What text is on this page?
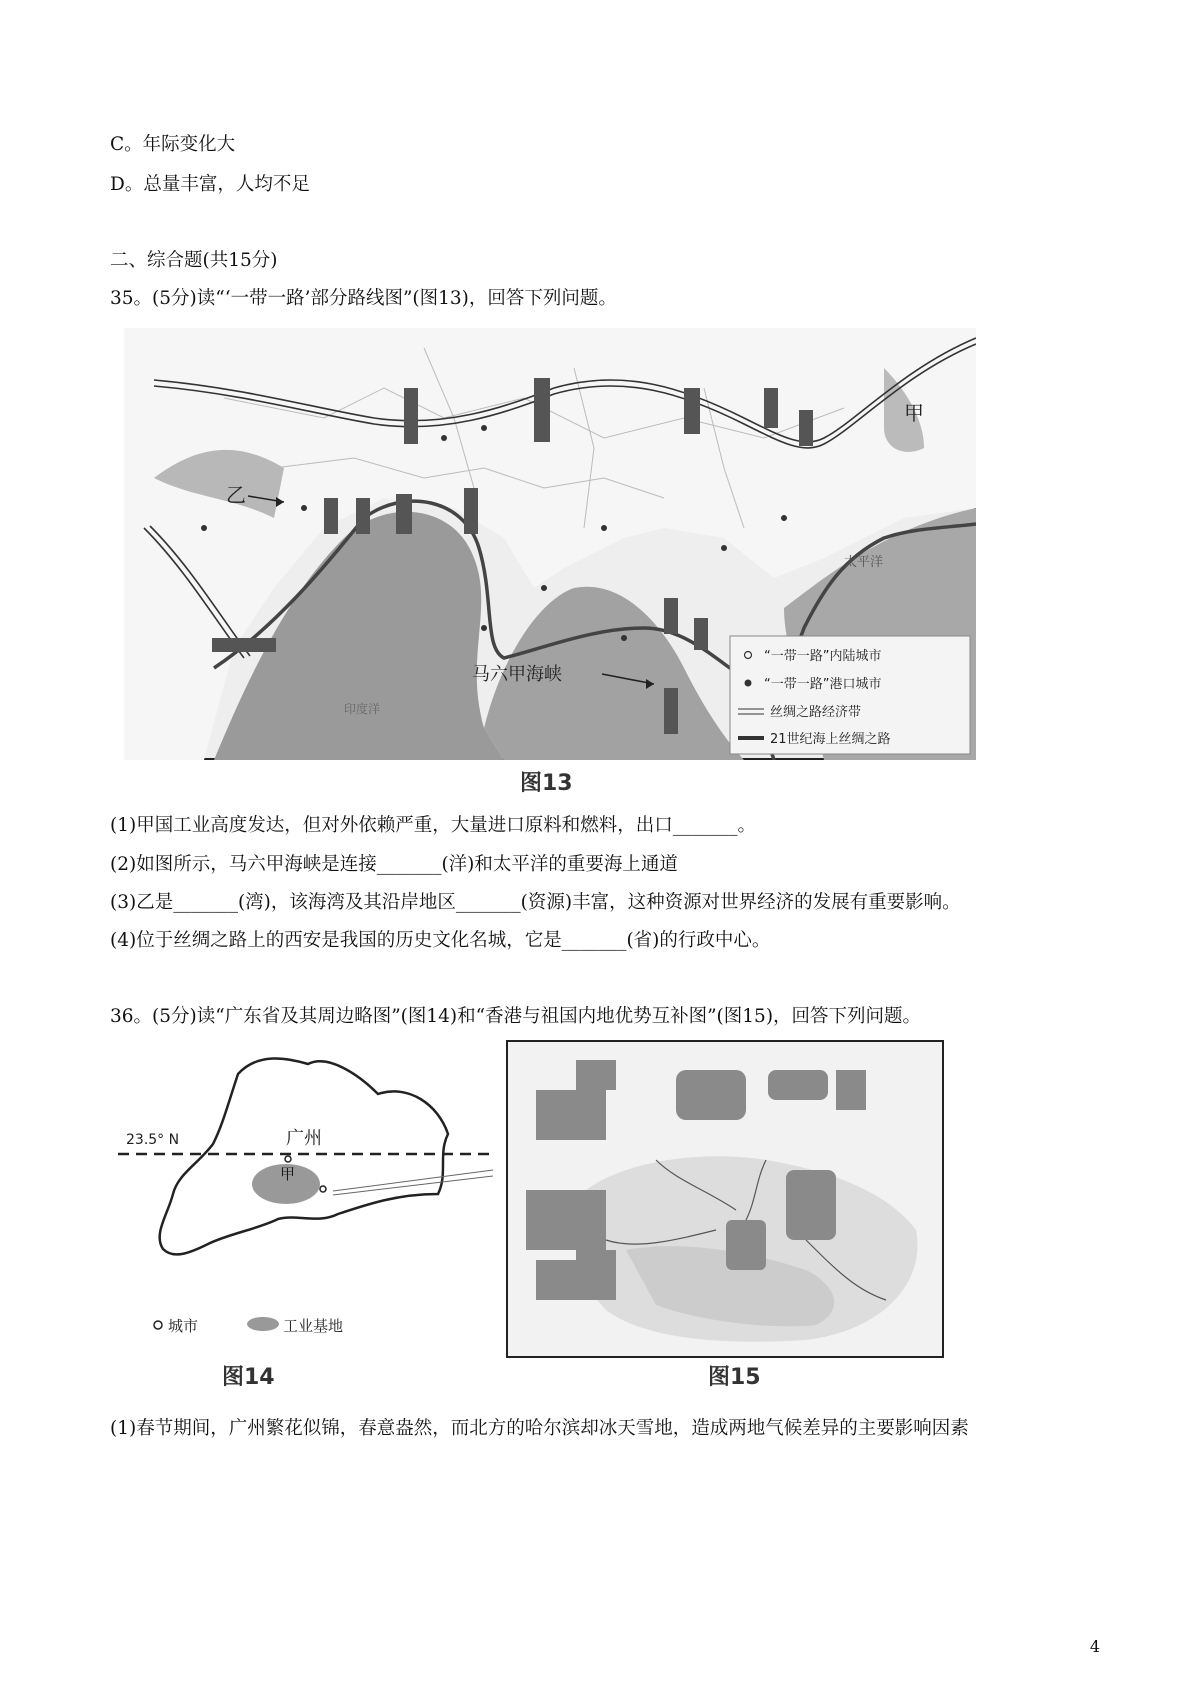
C。年际变化大
D。总量丰富，人均不足
二、综合题(共15分)
35。(5分)读“‘一带一路’部分路线图”(图13)，回答下列问题。
乙
甲
太平洋
印度洋
马六甲海峡
“一带一路”内陆城市
“一带一路”港口城市
丝绸之路经济带
21世纪海上丝绸之路
图13
(1)甲国工业高度发达，但对外依赖严重，大量进口原料和燃料，出口_______。
(2)如图所示，马六甲海峡是连接_______(洋)和太平洋的重要海上通道
(3)乙是_______(湾)，该海湾及其沿岸地区_______(资源)丰富，这种资源对世界经济的发展有重要影响。
(4)位于丝绸之路上的西安是我国的历史文化名城，它是_______(省)的行政中心。
36。(5分)读“广东省及其周边略图”(图14)和“香港与祖国内地优势互补图”(图15)，回答下列问题。
23.5° N	广州
甲
城市	工业基地
图14	图15
(1)春节期间，广州繁花似锦，春意盎然，而北方的哈尔滨却冰天雪地，造成两地气候差异的主要影响因素
4
